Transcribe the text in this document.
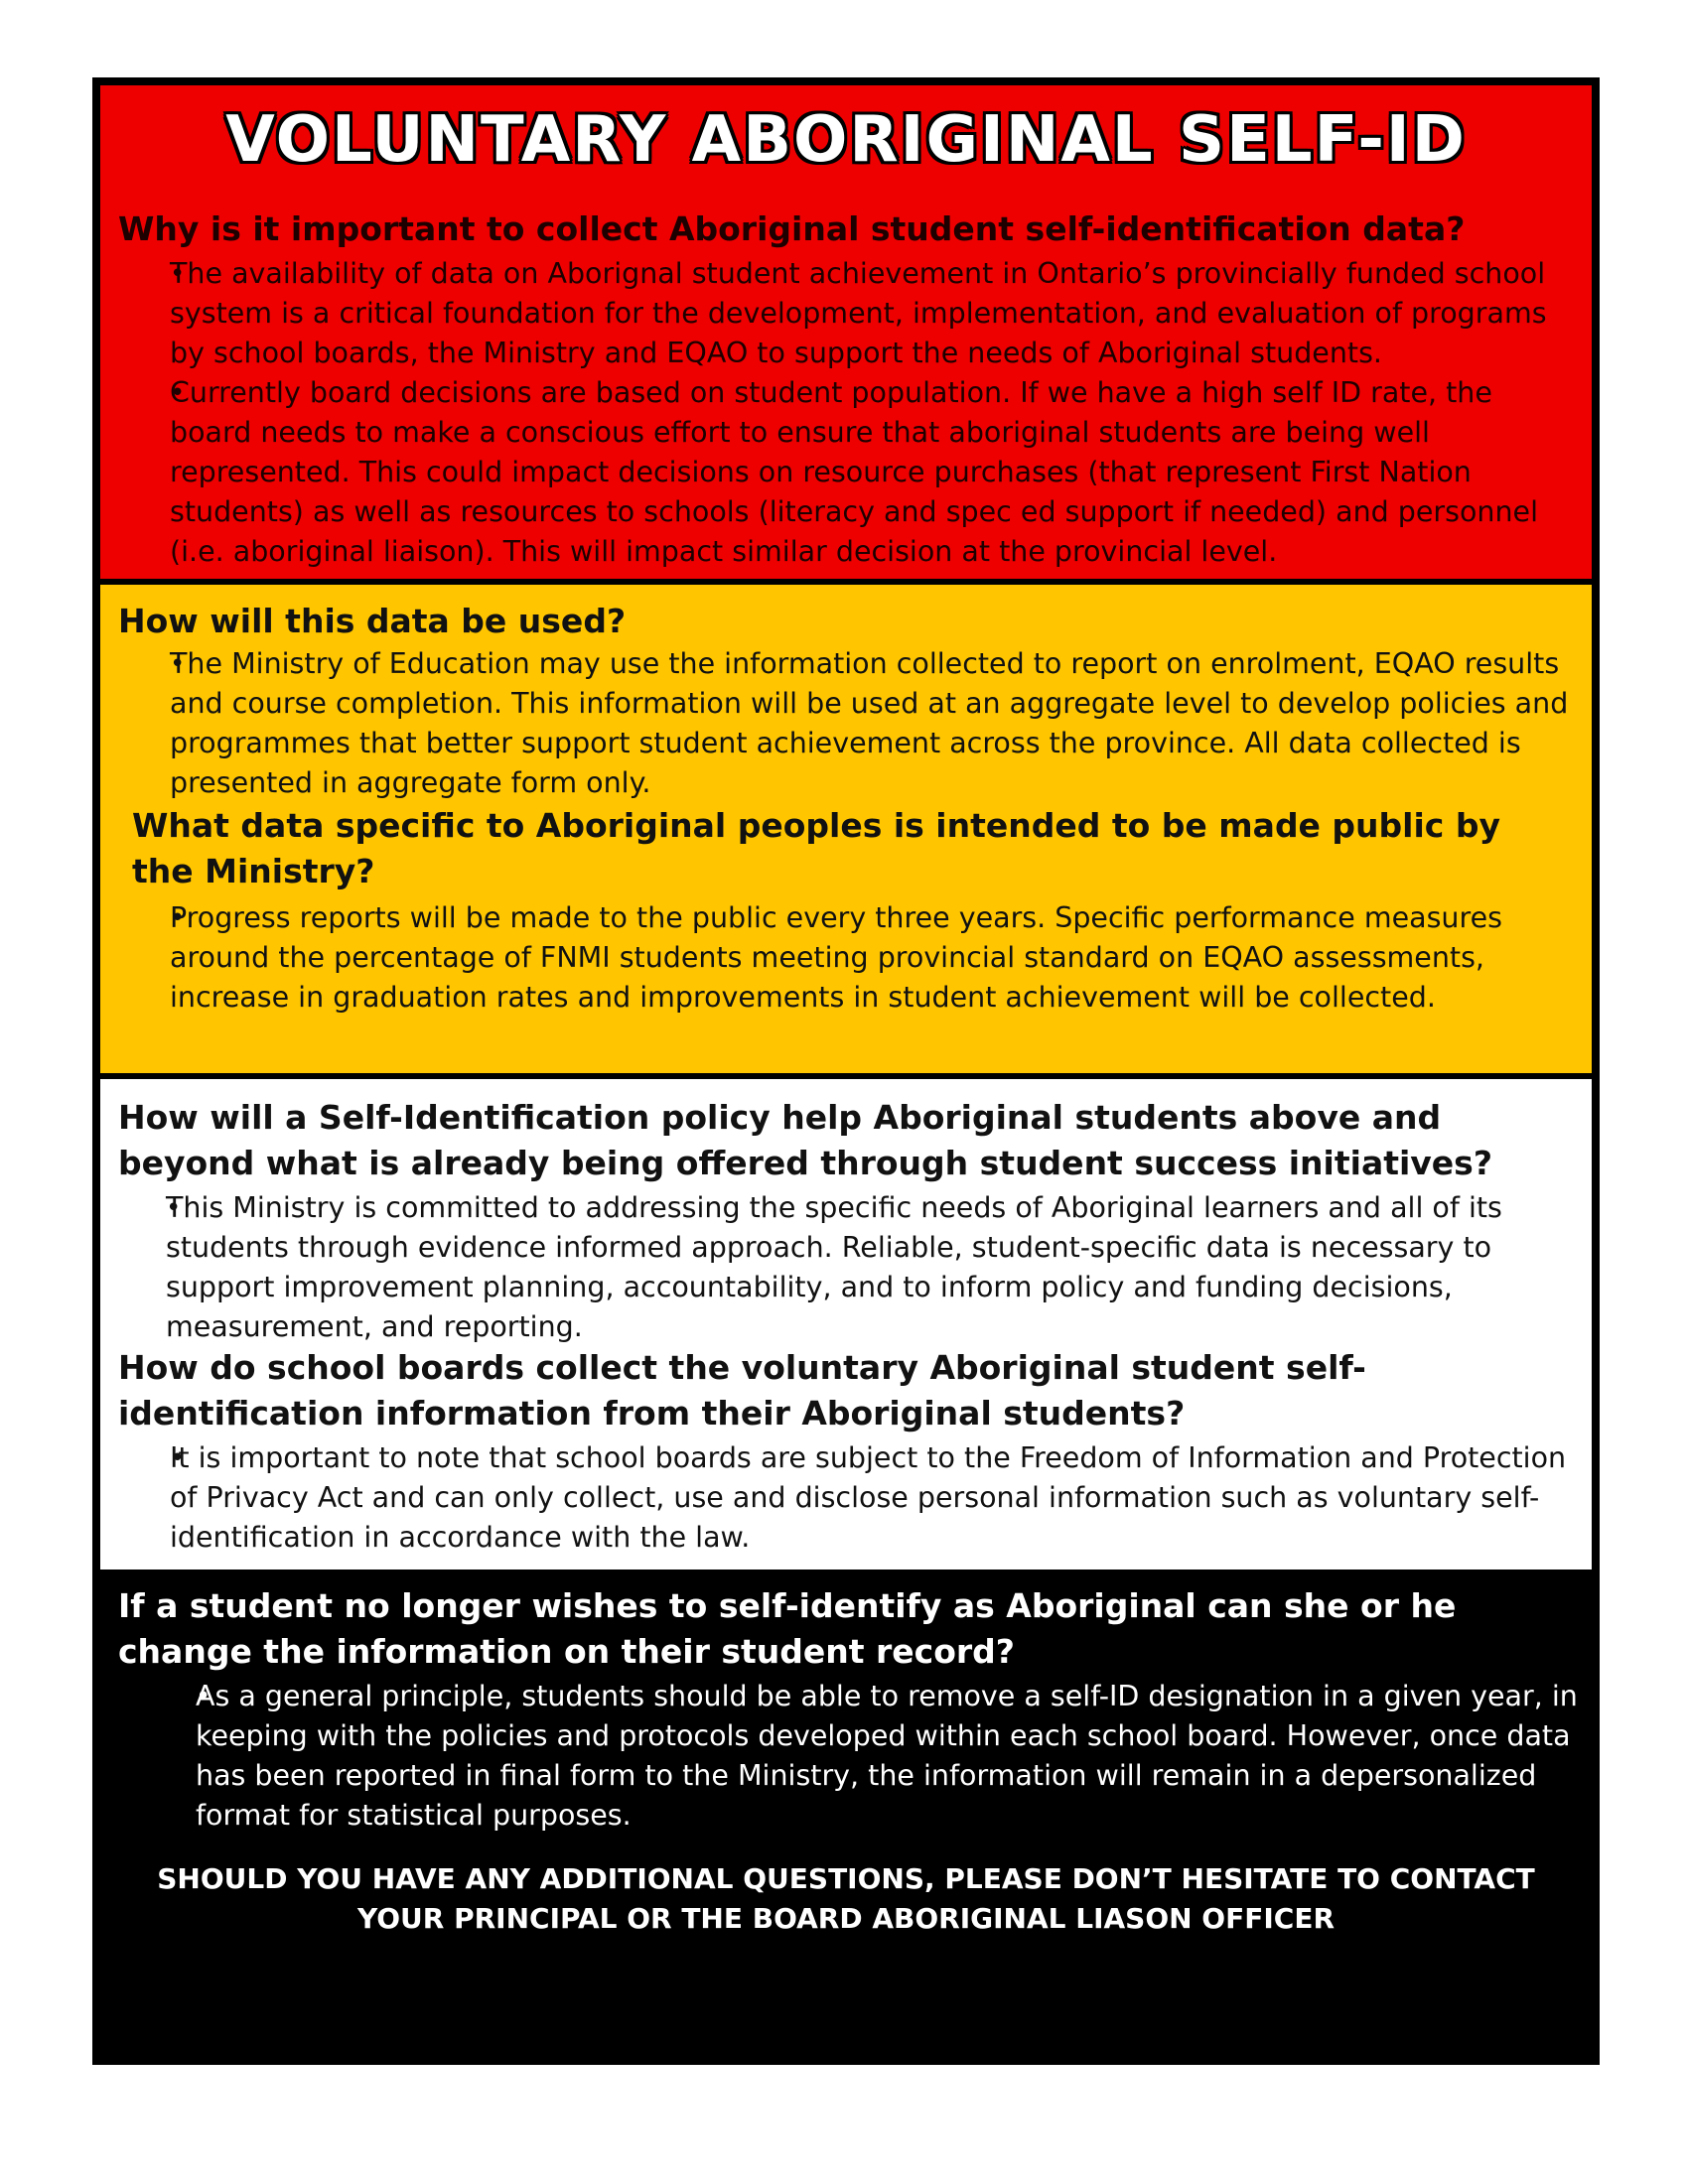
VOLUNTARY ABORIGINAL SELF-ID
Why is it important to collect Aboriginal student self-identification data?
• The availability of data on Aborignal student achievement in Ontario’s provincially funded school system is a critical foundation for the development, implementation, and evaluation of programs by school boards, the Ministry and EQAO to support the needs of Aboriginal students.
• Currently board decisions are based on student population. If we have a high self ID rate, the board needs to make a conscious effort to ensure that aboriginal students are being well represented. This could impact decisions on resource purchases (that represent First Nation students) as well as resources to schools (literacy and spec ed support if needed) and personnel (i.e. aboriginal liaison). This will impact similar decision at the provincial level.
How will this data be used?
• The Ministry of Education may use the information collected to report on enrolment, EQAO results and course completion. This information will be used at an aggregate level to develop policies and programmes that better support student achievement across the province. All data collected is presented in aggregate form only.
What data specific to Aboriginal peoples is intended to be made public by the Ministry?
• Progress reports will be made to the public every three years. Specific performance measures around the percentage of FNMI students meeting provincial standard on EQAO assessments, increase in graduation rates and improvements in student achievement will be collected.
How will a Self-Identification policy help Aboriginal students above and beyond what is already being offered through student success initiatives?
• This Ministry is committed to addressing the specific needs of Aboriginal learners and all of its students through evidence informed approach. Reliable, student-specific data is necessary to support improvement planning, accountability, and to inform policy and funding decisions, measurement, and reporting.
How do school boards collect the voluntary Aboriginal student self-identification information from their Aboriginal students?
• It is important to note that school boards are subject to the Freedom of Information and Protection of Privacy Act and can only collect, use and disclose personal information such as voluntary self-identification in accordance with the law.
If a student no longer wishes to self-identify as Aboriginal can she or he change the information on their student record?
• As a general principle, students should be able to remove a self-ID designation in a given year, in keeping with the policies and protocols developed within each school board. However, once data has been reported in final form to the Ministry, the information will remain in a depersonalized format for statistical purposes.
SHOULD YOU HAVE ANY ADDITIONAL QUESTIONS, PLEASE DON’T HESITATE TO CONTACT YOUR PRINCIPAL OR THE BOARD ABORIGINAL LIASON OFFICER
